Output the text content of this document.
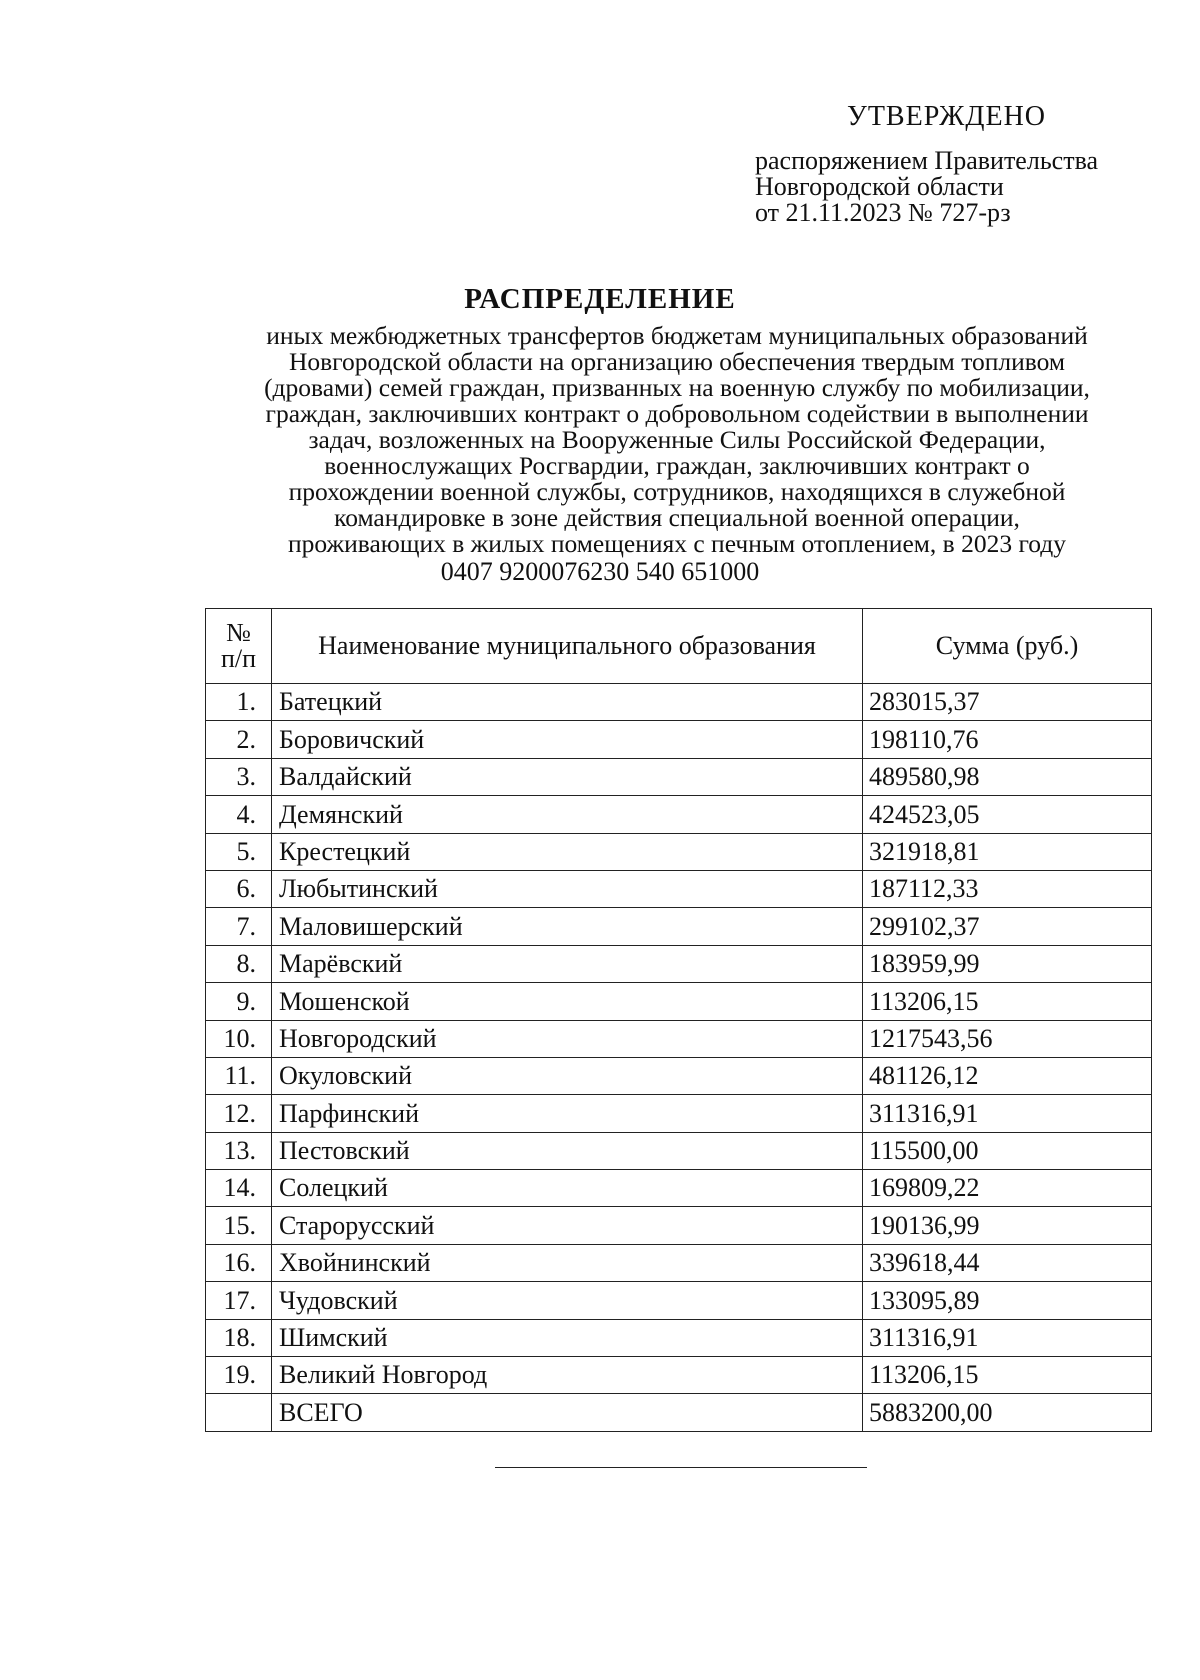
УТВЕРЖДЕНО
распоряжением Правительства
Новгородской области
от 21.11.2023 № 727-рз
РАСПРЕДЕЛЕНИЕ
иных межбюджетных трансфертов бюджетам муниципальных образований
Новгородской области на организацию обеспечения твердым топливом
(дровами) семей граждан, призванных на военную службу по мобилизации,
граждан, заключивших контракт о добровольном содействии в выполнении
задач, возложенных на Вооруженные Силы Российской Федерации,
военнослужащих Росгвардии, граждан, заключивших контракт о
прохождении военной службы, сотрудников, находящихся в служебной
командировке в зоне действия специальной военной операции,
проживающих в жилых помещениях с печным отоплением, в 2023 году
0407 9200076230 540 651000
№
п/п	Наименование муниципального образования	Сумма (руб.)
1.	Батецкий	283015,37
2.	Боровичский	198110,76
3.	Валдайский	489580,98
4.	Демянский	424523,05
5.	Крестецкий	321918,81
6.	Любытинский	187112,33
7.	Маловишерский	299102,37
8.	Марёвский	183959,99
9.	Мошенской	113206,15
10.	Новгородский	1217543,56
11.	Окуловский	481126,12
12.	Парфинский	311316,91
13.	Пестовский	115500,00
14.	Солецкий	169809,22
15.	Старорусский	190136,99
16.	Хвойнинский	339618,44
17.	Чудовский	133095,89
18.	Шимский	311316,91
19.	Великий Новгород	113206,15
	ВСЕГО	5883200,00
